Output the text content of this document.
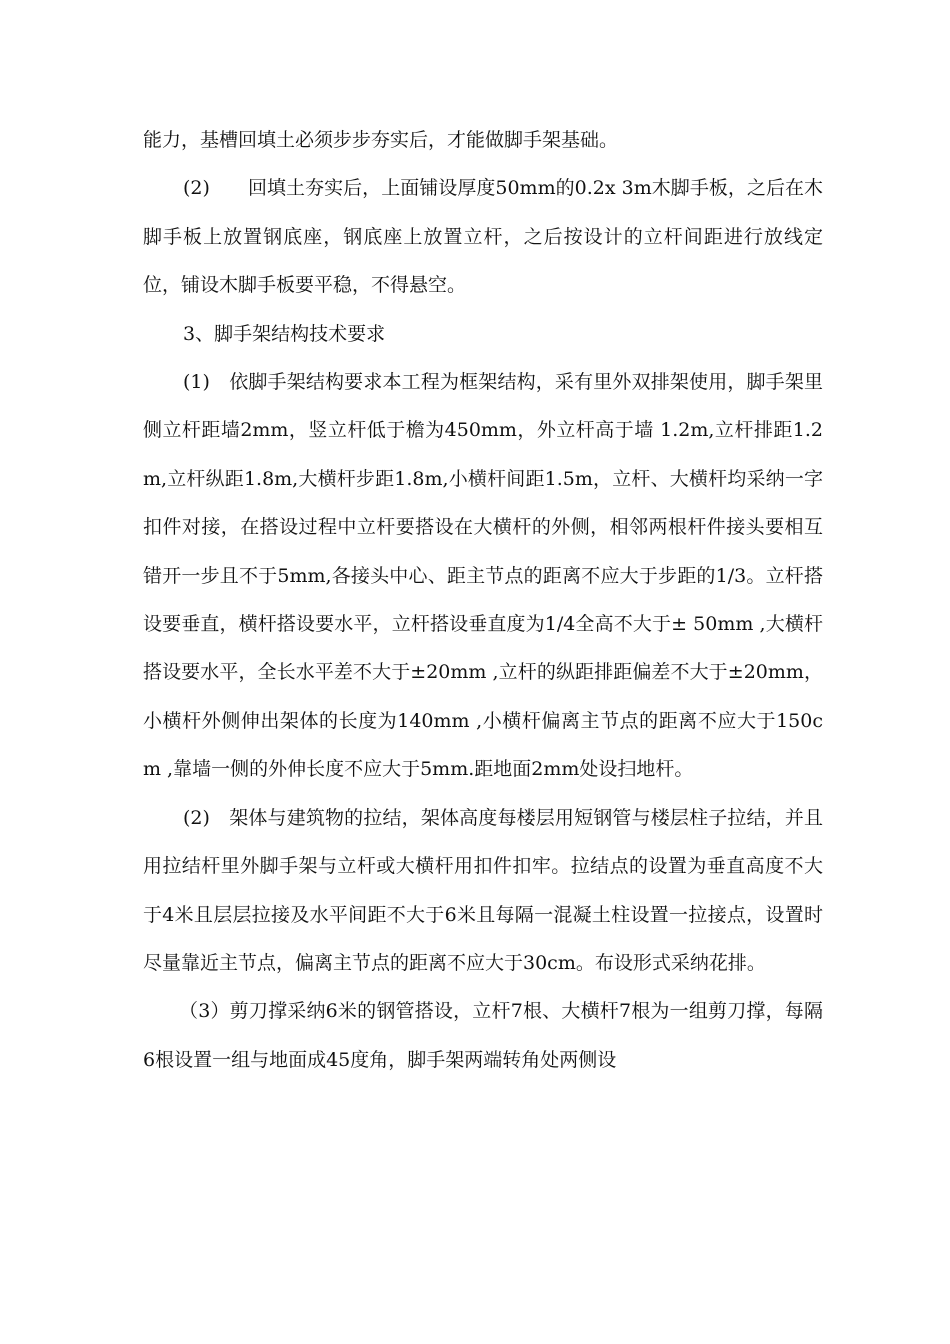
能力，基槽回填土必须步步夯实后，才能做脚手架基础。

(2)　　回填土夯实后，上面铺设厚度50mm的0.2x 3m木脚手板，之后在木脚手板上放置钢底座，钢底座上放置立杆，之后按设计的立杆间距进行放线定位，铺设木脚手板要平稳，不得悬空。

3、脚手架结构技术要求

(1)　依脚手架结构要求本工程为框架结构，采有里外双排架使用，脚手架里侧立杆距墙2mm，竖立杆低于檐为450mm，外立杆高于墙 1.2m,立杆排距1.2m,立杆纵距1.8m,大横杆步距1.8m,小横杆间距1.5m，立杆、大横杆均采纳一字扣件对接，在搭设过程中立杆要搭设在大横杆的外侧，相邻两根杆件接头要相互错开一步且不于5mm,各接头中心、距主节点的距离不应大于步距的1/3。立杆搭设要垂直，横杆搭设要水平，立杆搭设垂直度为1/4全高不大于± 50mm ,大横杆搭设要水平，全长水平差不大于±20mm ,立杆的纵距排距偏差不大于±20mm，小横杆外侧伸出架体的长度为140mm ,小横杆偏离主节点的距离不应大于150cm ,靠墙一侧的外伸长度不应大于5mm.距地面2mm处设扫地杆。

(2)　架体与建筑物的拉结，架体高度每楼层用短钢管与楼层柱子拉结，并且用拉结杆里外脚手架与立杆或大横杆用扣件扣牢。拉结点的设置为垂直高度不大于4米且层层拉接及水平间距不大于6米且每隔一混凝土柱设置一拉接点，设置时尽量靠近主节点，偏离主节点的距离不应大于30cm。布设形式采纳花排。

（3）剪刀撑采纳6米的钢管搭设，立杆7根、大横杆7根为一组剪刀撑，每隔6根设置一组与地面成45度角，脚手架两端转角处两侧设
